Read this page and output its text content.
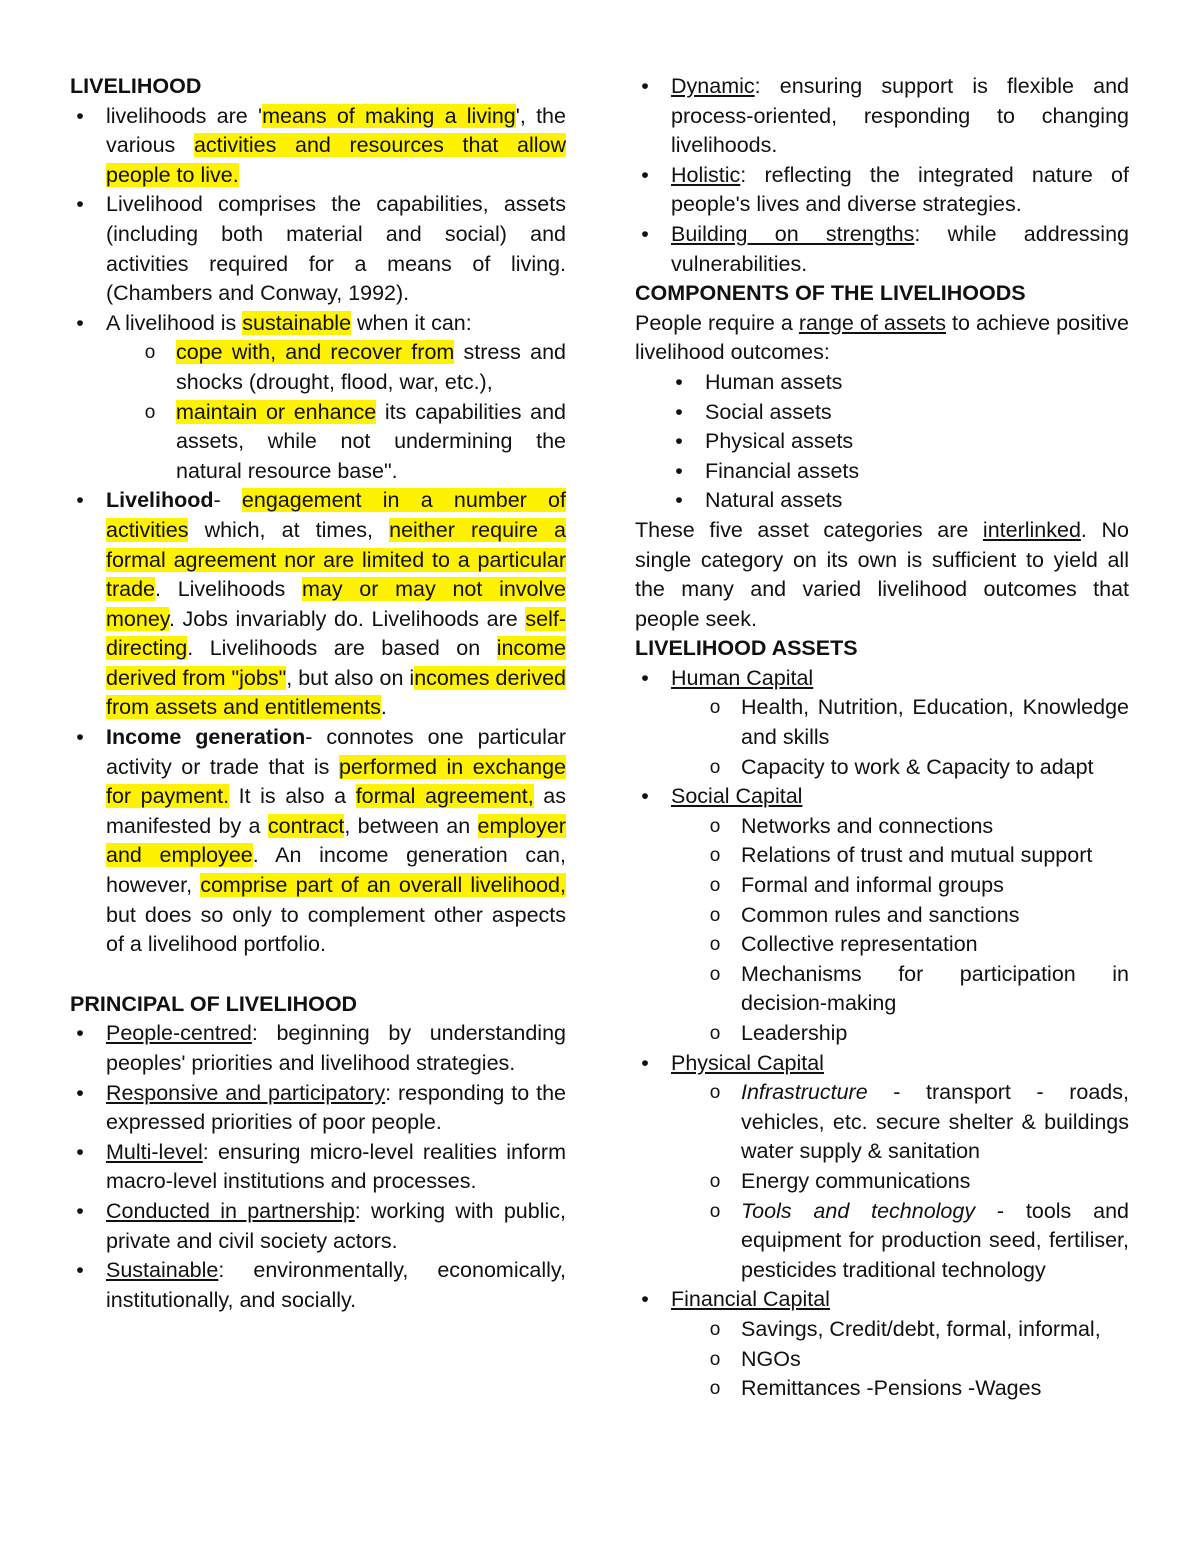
LIVELIHOOD

• livelihoods are 'means of making a living', the various activities and resources that allow people to live.
• Livelihood comprises the capabilities, assets (including both material and social) and activities required for a means of living. (Chambers and Conway, 1992).
• A livelihood is sustainable when it can:
o cope with, and recover from stress and shocks (drought, flood, war, etc.),
o maintain or enhance its capabilities and assets, while not undermining the natural resource base".
• Livelihood- engagement in a number of activities which, at times, neither require a formal agreement nor are limited to a particular trade. Livelihoods may or may not involve money. Jobs invariably do. Livelihoods are self-directing. Livelihoods are based on income derived from "jobs", but also on incomes derived from assets and entitlements.
• Income generation- connotes one particular activity or trade that is performed in exchange for payment. It is also a formal agreement, as manifested by a contract, between an employer and employee. An income generation can, however, comprise part of an overall livelihood, but does so only to complement other aspects of a livelihood portfolio.

PRINCIPAL OF LIVELIHOOD

• People-centred: beginning by understanding peoples' priorities and livelihood strategies.
• Responsive and participatory: responding to the expressed priorities of poor people.
• Multi-level: ensuring micro-level realities inform macro-level institutions and processes.
• Conducted in partnership: working with public, private and civil society actors.
• Sustainable: environmentally, economically, institutionally, and socially.
• Dynamic: ensuring support is flexible and process-oriented, responding to changing livelihoods.
• Holistic: reflecting the integrated nature of people's lives and diverse strategies.
• Building on strengths: while addressing vulnerabilities.

COMPONENTS OF THE LIVELIHOODS

People require a range of assets to achieve positive livelihood outcomes:

• Human assets
• Social assets
• Physical assets
• Financial assets
• Natural assets

These five asset categories are interlinked. No single category on its own is sufficient to yield all the many and varied livelihood outcomes that people seek.

LIVELIHOOD ASSETS

• Human Capital
o Health, Nutrition, Education, Knowledge and skills
o Capacity to work & Capacity to adapt
• Social Capital
o Networks and connections
o Relations of trust and mutual support
o Formal and informal groups
o Common rules and sanctions
o Collective representation
o Mechanisms for participation in decision-making
o Leadership
• Physical Capital
o Infrastructure - transport - roads, vehicles, etc. secure shelter & buildings water supply & sanitation
o Energy communications
o Tools and technology - tools and equipment for production seed, fertiliser, pesticides traditional technology
• Financial Capital
o Savings, Credit/debt, formal, informal,
o NGOs
o Remittances -Pensions -Wages
